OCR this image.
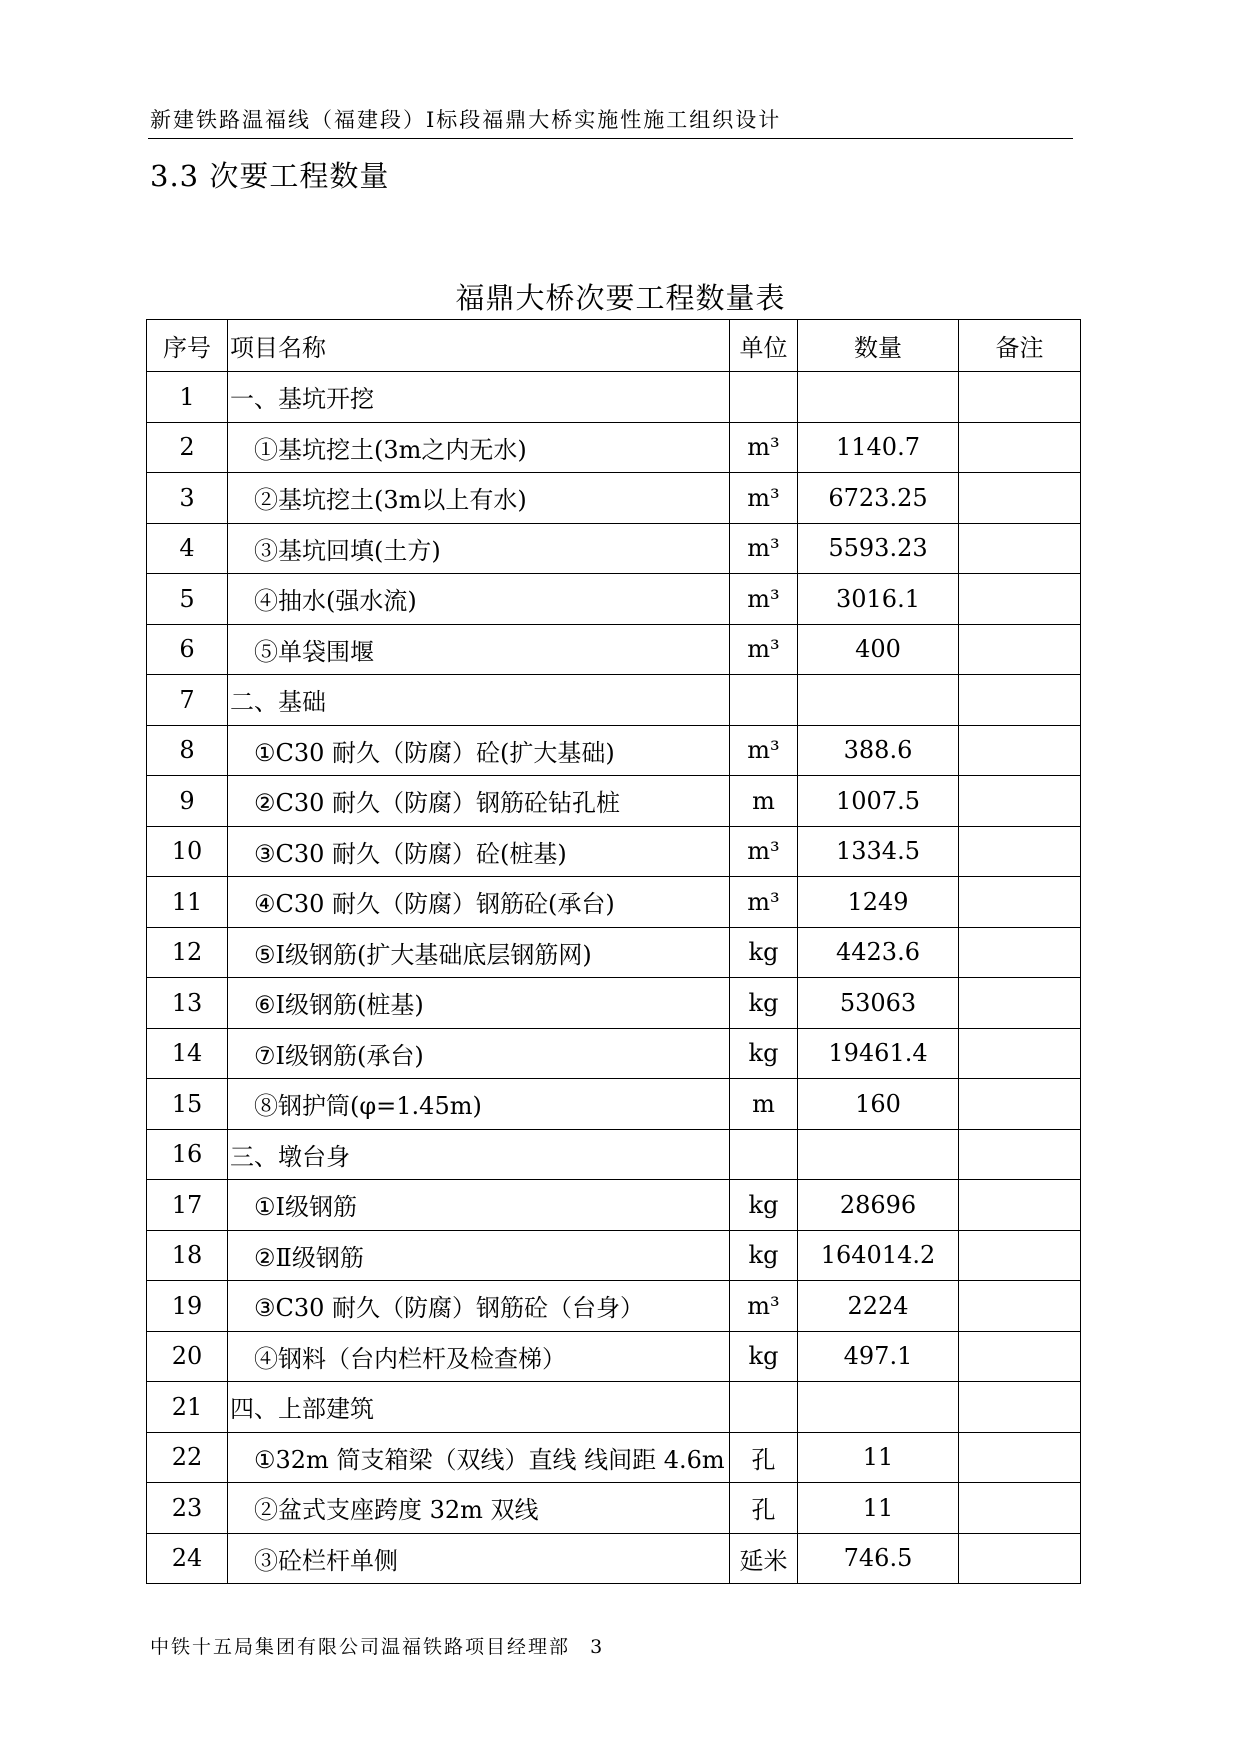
新建铁路温福线（福建段）Ⅰ标段福鼎大桥实施性施工组织设计
3.3 次要工程数量
福鼎大桥次要工程数量表
序号	项目名称	单位	数量	备注
1	一、基坑开挖			
2	①基坑挖土(3m之内无水)	m³	1140.7	
3	②基坑挖土(3m以上有水)	m³	6723.25	
4	③基坑回填(土方)	m³	5593.23	
5	④抽水(强水流)	m³	3016.1	
6	⑤单袋围堰	m³	400	
7	二、基础			
8	①C30 耐久（防腐）砼(扩大基础)	m³	388.6	
9	②C30 耐久（防腐）钢筋砼钻孔桩	m	1007.5	
10	③C30 耐久（防腐）砼(桩基)	m³	1334.5	
11	④C30 耐久（防腐）钢筋砼(承台)	m³	1249	
12	⑤Ⅰ级钢筋(扩大基础底层钢筋网)	kg	4423.6	
13	⑥Ⅰ级钢筋(桩基)	kg	53063	
14	⑦Ⅰ级钢筋(承台)	kg	19461.4	
15	⑧钢护筒(φ=1.45m)	m	160	
16	三、墩台身			
17	①Ⅰ级钢筋	kg	28696	
18	②Ⅱ级钢筋	kg	164014.2	
19	③C30 耐久（防腐）钢筋砼（台身）	m³	2224	
20	④钢料（台内栏杆及检查梯）	kg	497.1	
21	四、上部建筑			
22	①32m 简支箱梁（双线）直线 线间距 4.6m	孔	11	
23	②盆式支座跨度 32m 双线	孔	11	
24	③砼栏杆单侧	延米	746.5	
中铁十五局集团有限公司温福铁路项目经理部 3
